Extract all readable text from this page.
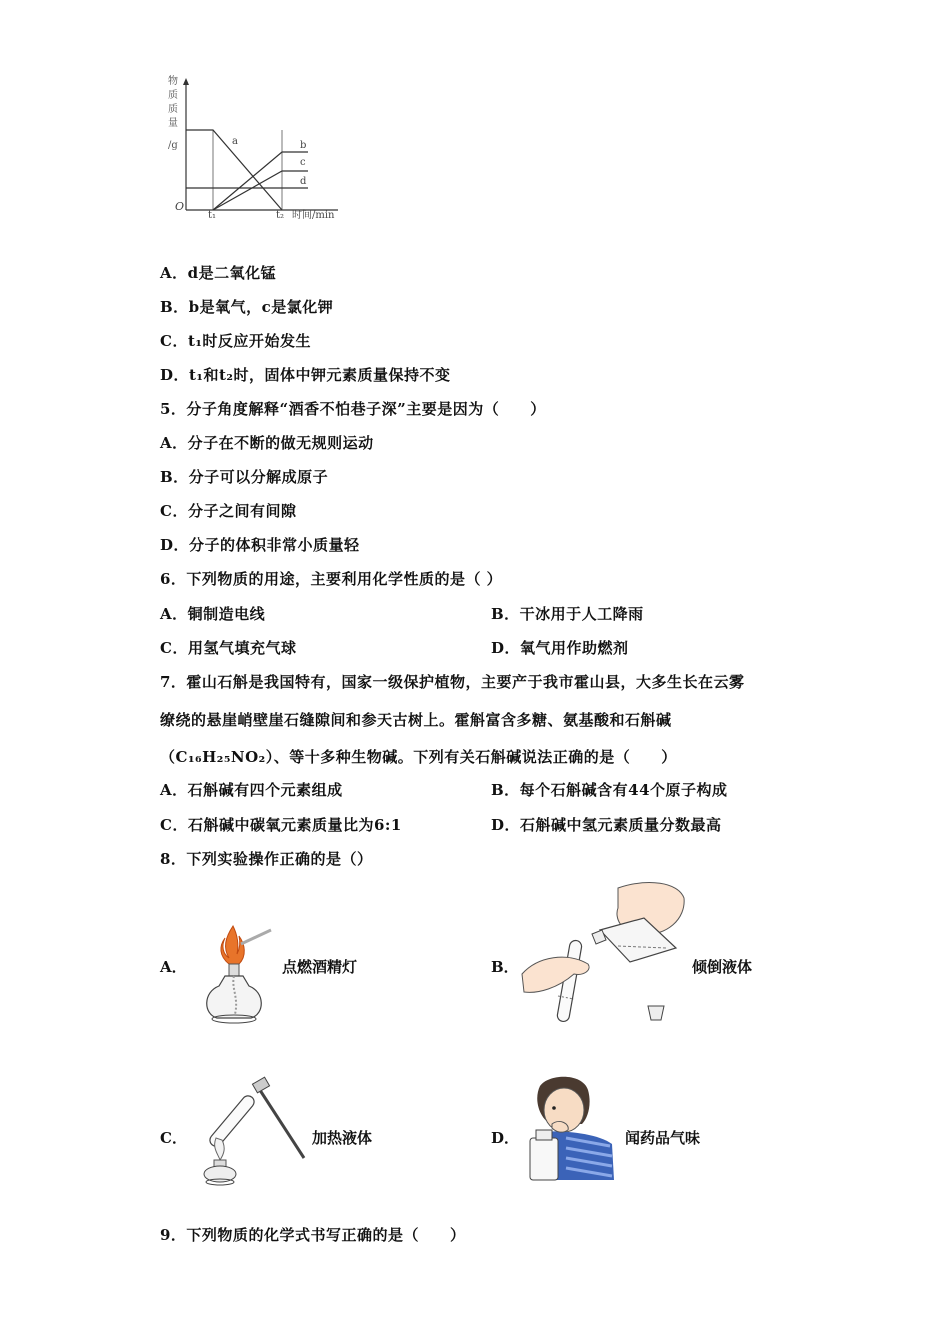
物
质
质
量
/g
O
a	b
c
d
t₁	t₂ 时间/min
A．d是二氧化锰
B．b是氧气，c是氯化钾
C．t₁时反应开始发生
D．t₁和t₂时，固体中钾元素质量保持不变
5．分子角度解释“酒香不怕巷子深”主要是因为（　　）
A．分子在不断的做无规则运动
B．分子可以分解成原子
C．分子之间有间隙
D．分子的体积非常小质量轻
6．下列物质的用途，主要利用化学性质的是（ ）
A．铜制造电线	B．干冰用于人工降雨
C．用氢气填充气球	D．氧气用作助燃剂
7．霍山石斛是我国特有，国家一级保护植物，主要产于我市霍山县，大多生长在云雾
缭绕的悬崖峭壁崖石缝隙间和参天古树上。霍斛富含多糖、氨基酸和石斛碱
（C₁₆H₂₅NO₂）、等十多种生物碱。下列有关石斛碱说法正确的是（　　）
A．石斛碱有四个元素组成	B．每个石斛碱含有44个原子构成
C．石斛碱中碳氧元素质量比为6:1	D．石斛碱中氢元素质量分数最高
8．下列实验操作正确的是（）
A．	点燃酒精灯	B．	倾倒液体
C．	加热液体	D．	闻药品气味
9．下列物质的化学式书写正确的是（　　）
